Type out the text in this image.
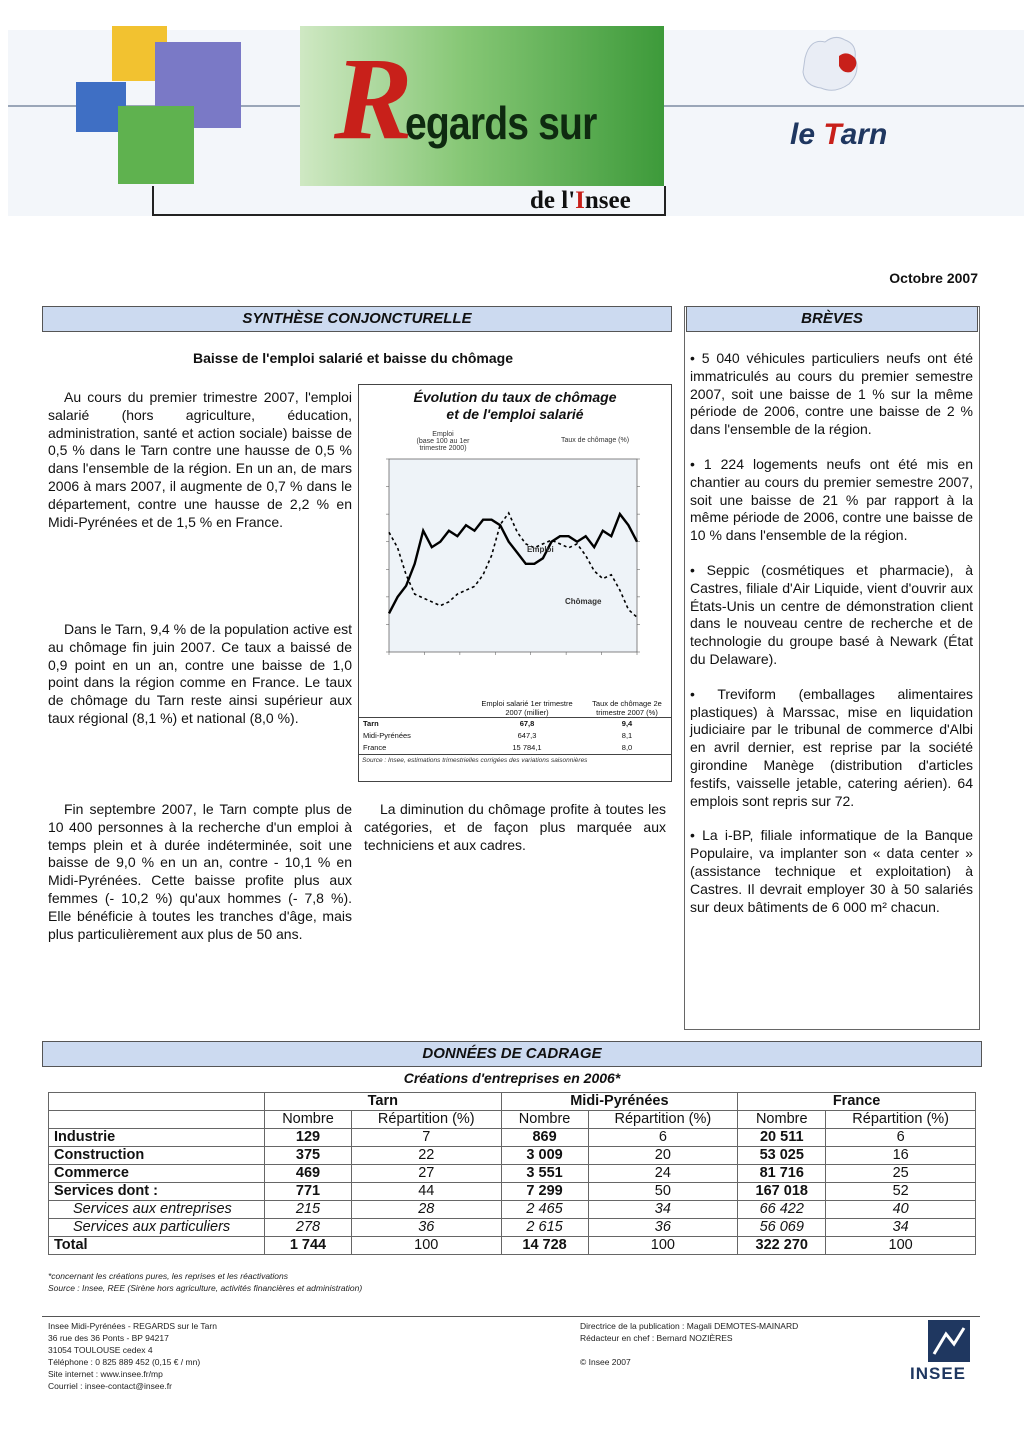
R
egards sur
de l'Insee
le Tarn
Octobre 2007
SYNTHÈSE CONJONCTURELLE
Baisse de l'emploi salarié et baisse du chômage

Au cours du premier trimestre 2007, l'emploi salarié (hors agriculture, éducation, administration, santé et action sociale) baisse de 0,5 % dans le Tarn contre une hausse de 0,5 % dans l'ensemble de la région. En un an, de mars 2006 à mars 2007, il augmente de 0,7 % dans le département, contre une hausse de 2,2 % en Midi-Pyrénées et de 1,5 % en France.

Dans le Tarn, 9,4 % de la population active est au chômage fin juin 2007. Ce taux a baissé de 0,9 point en un an, contre une baisse de 1,0 point dans la région comme en France. Le taux de chômage du Tarn reste ainsi supérieur aux taux régional (8,1 %) et national (8,0 %).

Fin septembre 2007, le Tarn compte plus de 10 400 personnes à la recherche d'un emploi à temps plein et à durée indéterminée, soit une baisse de 9,0 % en un an, contre - 10,1 % en Midi-Pyrénées. Cette baisse profite plus aux femmes (- 10,2 %) qu'aux hommes (- 7,8 %). Elle bénéficie à toutes les tranches d'âge, mais plus particulièrement aux plus de 50 ans.

La diminution du chômage profite à toutes les catégories, et de façon plus marquée aux techniciens et aux cadres.

Évolution du taux de chômage
et de l'emploi salarié
Emploi
(base 100 au 1er trimestre 2000)
Taux de chômage (%)
	Emploi salarié 1er trimestre 2007 (millier)	Taux de chômage 2e trimestre 2007 (%)
Tarn	67,8	9,4
Midi-Pyrénées	647,3	8,1
France	15 784,1	8,0
Source : Insee, estimations trimestrielles corrigées des variations saisonnières
Emploi
Chômage
BRÈVES

• 5 040 véhicules particuliers neufs ont été immatriculés au cours du premier semestre 2007, soit une baisse de 1 % sur la même période de 2006, contre une baisse de 2 % dans l'ensemble de la région.

• 1 224 logements neufs ont été mis en chantier au cours du premier semestre 2007, soit une baisse de 21 % par rapport à la même période de 2006, contre une baisse de 10 % dans l'ensemble de la région.

• Seppic (cosmétiques et pharmacie), à Castres, filiale d'Air Liquide, vient d'ouvrir aux États-Unis un centre de démonstration client dans le nouveau centre de recherche et de technologie du groupe basé à Newark (État du Delaware).

• Treviform (emballages alimentaires plastiques) à Marssac, mise en liquidation judiciaire par le tribunal de commerce d'Albi en avril dernier, est reprise par la société girondine Manège (distribution d'articles festifs, vaisselle jetable, catering aérien). 64 emplois sont repris sur 72.

• La i-BP, filiale informatique de la Banque Populaire, va implanter son « data center » (assistance technique et exploitation) à Castres. Il devrait employer 30 à 50 salariés sur deux bâtiments de 6 000 m² chacun.

DONNÉES DE CADRAGE
Créations d'entreprises en 2006*
	Tarn		Midi-Pyrénées		France	
	Nombre	Répartition (%)	Nombre	Répartition (%)	Nombre	Répartition (%)
Industrie	129	7	869	6	20 511	6
Construction	375	22	3 009	20	53 025	16
Commerce	469	27	3 551	24	81 716	25
Services dont :	771	44	7 299	50	167 018	52
Services aux entreprises	215	28	2 465	34	66 422	40
Services aux particuliers	278	36	2 615	36	56 069	34
Total	1 744	100	14 728	100	322 270	100
*concernant les créations pures, les reprises et les réactivations
Source : Insee, REE (Sirène hors agriculture, activités financières et administration)
Insee Midi-Pyrénées - REGARDS sur le Tarn
36 rue des 36 Ponts - BP 94217
31054 TOULOUSE cedex 4
Téléphone : 0 825 889 452 (0,15 € / mn)
Site internet : www.insee.fr/mp
Courriel : insee-contact@insee.fr
Directrice de la publication : Magali DEMOTES-MAINARD
Rédacteur en chef : Bernard NOZIÈRES
© Insee 2007
INSEE
